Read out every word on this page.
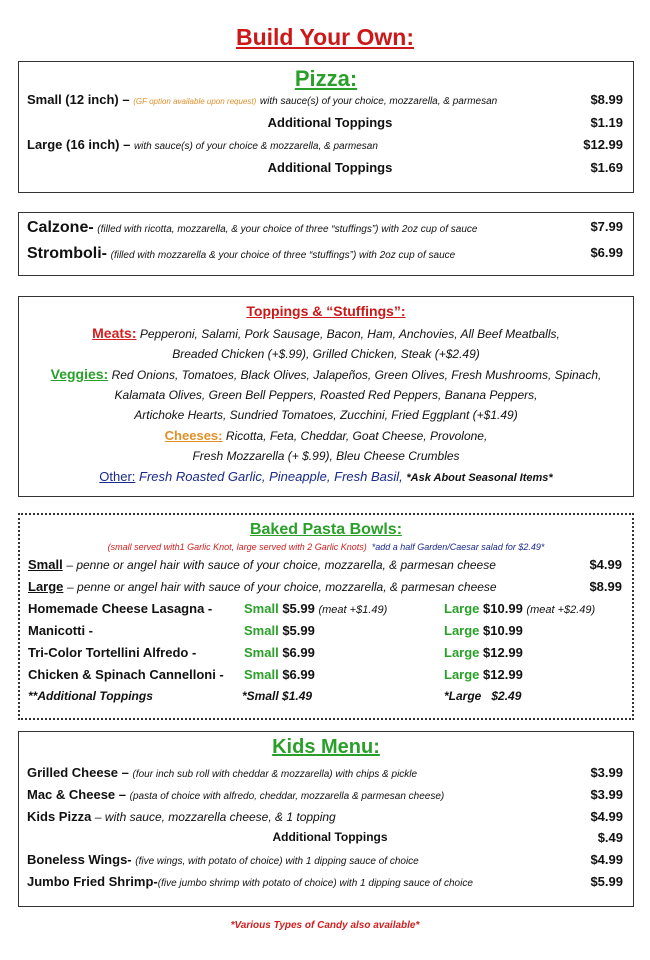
Build Your Own:
Pizza:
Small (12 inch) –
(GF option available upon request)
with sauce(s) of your choice, mozzarella, & parmesan	$8.99
Additional Toppings	$1.19
Large (16 inch) –
with sauce(s) of your choice & mozzarella, & parmesan	$12.99
Additional Toppings	$1.69
Calzone-
(filled with ricotta, mozzarella, & your choice of three “stuffings”) with 2oz cup of sauce	$7.99
Stromboli-
(filled with mozzarella & your choice of three “stuffings”) with 2oz cup of sauce	$6.99
Toppings & “Stuffings”:
Meats: Pepperoni, Salami, Pork Sausage, Bacon, Ham, Anchovies, All Beef Meatballs,
Breaded Chicken (+$.99), Grilled Chicken, Steak (+$2.49)
Veggies: Red Onions, Tomatoes, Black Olives, Jalapeños, Green Olives, Fresh Mushrooms, Spinach,
Kalamata Olives, Green Bell Peppers, Roasted Red Peppers, Banana Peppers,
Artichoke Hearts, Sundried Tomatoes, Zucchini, Fried Eggplant (+$1.49)
Cheeses: Ricotta, Feta, Cheddar, Goat Cheese, Provolone,
Fresh Mozzarella (+ $.99), Bleu Cheese Crumbles
Other: Fresh Roasted Garlic, Pineapple, Fresh Basil, *Ask About Seasonal Items*
Baked Pasta Bowls:
(small served with1 Garlic Knot, large served with 2 Garlic Knots) *add a half Garden/Caesar salad for $2.49*
Small
– penne or angel hair with sauce of your choice, mozzarella, & parmesan cheese	$4.99
Large
– penne or angel hair with sauce of your choice, mozzarella, & parmesan cheese	$8.99
Homemade Cheese Lasagna - Small $5.99 (meat +$1.49)	Large $10.99 (meat +$2.49)
Manicotti -	Small $5.99	Large $10.99
Tri-Color Tortellini Alfredo -	Small $6.99	Large $12.99
Chicken & Spinach Cannelloni - Small $6.99	Large $12.99
**Additional Toppings	*Small $1.49	*Large $2.49
Kids Menu:
Grilled Cheese –
(four inch sub roll with cheddar & mozzarella) with chips & pickle	$3.99
Mac & Cheese –
(pasta of choice with alfredo, cheddar, mozzarella & parmesan cheese)	$3.99
Kids Pizza
– with sauce, mozzarella cheese, & 1 topping	$4.99
Additional Toppings	$.49
Boneless Wings-
(five wings, with potato of choice) with 1 dipping sauce of choice	$4.99
Jumbo Fried Shrimp- (five jumbo shrimp with potato of choice) with 1 dipping sauce of choice	$5.99
*Various Types of Candy also available*
